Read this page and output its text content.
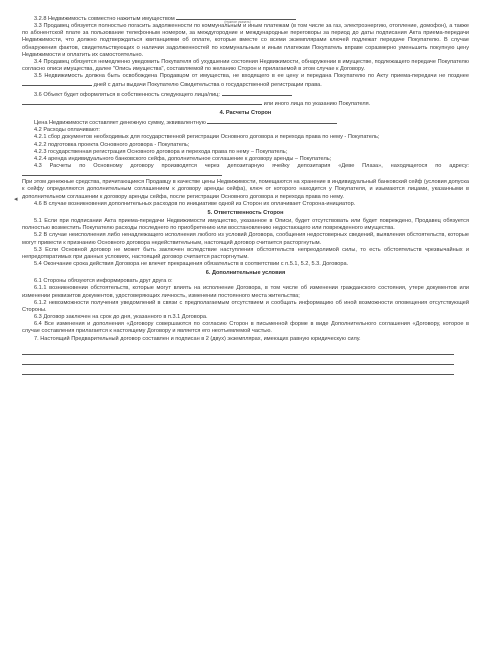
3.2.8 Недвижимость совместно нажитым имуществом	(нужное указать)

3.3 Продавец обязуется полностью погасить задолженности по коммунальным и иным платежам (в том числе за газ, электроэнергию, отопление, домофон), а также по абонентской плате за пользование телефонным номером, за междугородние и международные переговоры за период до даты подписания Акта приема-передачи Недвижимости, что должно подтверждаться квитанциями об оплате, которые вместе со всеми экземплярами ключей подлежат передаче Покупателю. В случае обнаружения фактов, свидетельствующих о наличии задолженностей по коммунальным и иным платежам Покупатель вправе соразмерно уменьшить покупную цену Недвижимости и оплатить их самостоятельно.

3.4 Продавец обязуется немедленно уведомить Покупателя об ухудшении состояния Недвижимости, обнаружении в имуществе, подлежащего передаче Покупателю согласно описи имущества, далее "Опись имущества", составляемой по желанию Сторон и прилагаемой в этом случае к Договору.

3.5 Недвижимость должна быть освобождена Продавцом от имущества, не входящего в ее цену и передана Покупателю по Акту приема-передачи не позднее  дней с даты выдачи Покупателю Свидетельства о государственной регистрации права.

3.6 Объект будет оформляться в собственность следующего лица/лиц:
или иного лица по указанию Покупателя.

4. Расчеты Сторон

Цена Недвижимости составляет денежную сумму, эквивалентную

4.2 Расходы оплачивают:

4.2.1 сбор документов необходимых для государственной регистрации Основного договора и перехода права по нему - Покупатель;

4.2.2 подготовка проекта Основного договора - Покупатель;

4.2.3 государственная регистрация Основного договора и перехода права по нему – Покупатель;

4.2.4 аренда индивидуального банковского сейфа, дополнительное соглашение к договору аренды – Покупатель;

4.3 Расчеты по Основному договору производятся через депозитарную ячейку депозитария «Деве Плаза», находящегося по адресу:

При этом денежные средства, причитающиеся Продавцу в качестве цены Недвижимости, помещаются на хранение в индивидуальный банковский сейф (условия допуска к сейфу определяются дополнительным соглашением к договору аренды сейфа), ключ от которого находится у Покупателя, и изымаются лицами, указанными в дополнительном соглашении к договору аренды сейфа, после регистрации Основного договора и перехода права по нему.

4.6 В случае возникновения дополнительных расходов по инициативе одной из Сторон их оплачивает Сторона-инициатор.

5. Ответственность Сторон

5.1 Если при подписании Акта приема-передачи Недвижимости имущество, указанное в Описи, будет отсутствовать или будет повреждено, Продавец обязуется полностью возместить Покупателю расходы последнего по приобретению или восстановлению недостающего или поврежденного имущества.

5.2 В случае неисполнения либо ненадлежащего исполнения любого из условий Договора, сообщения недостоверных сведений, выявления обстоятельств, которые могут привести к признанию Основного договора недействительным, настоящий договор считается расторгнутым.

5.3 Если Основной договор не может быть заключен вследствие наступления обстоятельств непреодолимой силы, то есть обстоятельств чрезвычайных и непредотвратимых при данных условиях, настоящий договор считается расторгнутым.

5.4 Окончание срока действия Договора не влечет прекращения обязательств в соответствии с п.5.1, 5.2, 5.3. Договора.

6. Дополнительные условия

6.1 Стороны обязуются информировать друг друга о:

6.1.1 возникновении обстоятельств, которые могут влиять на исполнение Договора, в том числе об изменении гражданского состояния, утере документов или изменении реквизитов документов, удостоверяющих личность, изменении постоянного места жительства;

6.1.2 невозможности получения уведомлений в связи с предполагаемым отсутствием и сообщать информацию об иной возможности оповещения отсутствующей Стороны.

6.3 Договор заключен на срок до дня, указанного в п.3.1 Договора.

6.4 Все изменения и дополнения «Договору совершаются по согласию Сторон в письменной форме в виде Дополнительного соглашения «Договору, которое в случае составления прилагается к настоящему Договору и является его неотъемлемой частью.

7. Настоящий Предварительный договор составлен и подписан в 2 (двух) экземплярах, имеющих равную юридическую силу.

◂
